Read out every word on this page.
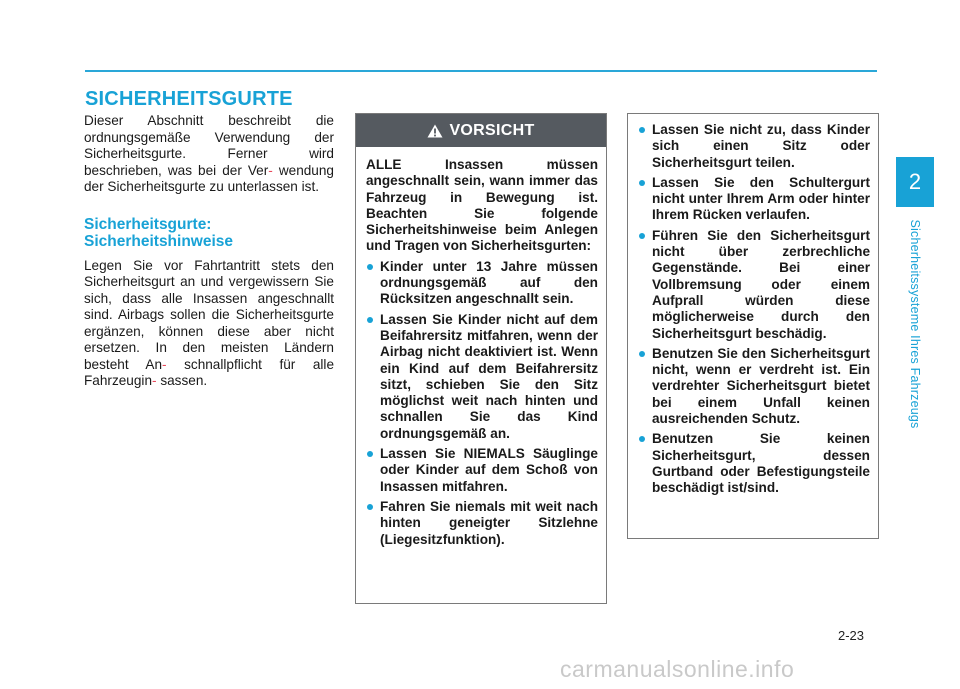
SICHERHEITSGURTE

Dieser Abschnitt beschreibt die ordnungsgemäße Verwendung der Sicherheitsgurte. Ferner wird beschrieben, was bei der Ver- wendung der Sicherheitsgurte zu unterlassen ist.

Sicherheitsgurte:
Sicherheitshinweise

Legen Sie vor Fahrtantritt stets den Sicherheitsgurt an und vergewissern Sie sich, dass alle Insassen angeschnallt sind. Airbags sollen die Sicherheitsgurte ergänzen, können diese aber nicht ersetzen. In den meisten Ländern besteht An- schnallpflicht für alle Fahrzeugin- sassen.

VORSICHT

ALLE Insassen müssen angeschnallt sein, wann immer das Fahrzeug in Bewegung ist. Beachten Sie folgende Sicherheitshinweise beim Anlegen und Tragen von Sicherheitsgurten:

Kinder unter 13 Jahre müssen ordnungsgemäß auf den Rücksitzen angeschnallt sein.
Lassen Sie Kinder nicht auf dem Beifahrersitz mitfahren, wenn der Airbag nicht deaktiviert ist. Wenn ein Kind auf dem Beifahrersitz sitzt, schieben Sie den Sitz möglichst weit nach hinten und schnallen Sie das Kind ordnungsgemäß an.
Lassen Sie NIEMALS Säuglinge oder Kinder auf dem Schoß von Insassen mitfahren.
Fahren Sie niemals mit weit nach hinten geneigter Sitzlehne (Liegesitzfunktion).
Lassen Sie nicht zu, dass Kinder sich einen Sitz oder Sicherheitsgurt teilen.
Lassen Sie den Schultergurt nicht unter Ihrem Arm oder hinter Ihrem Rücken verlaufen.
Führen Sie den Sicherheitsgurt nicht über zerbrechliche Gegenstände. Bei einer Vollbremsung oder einem Aufprall würden diese möglicherweise durch den Sicherheitsgurt beschädig.
Benutzen Sie den Sicherheitsgurt nicht, wenn er verdreht ist. Ein verdrehter Sicherheitsgurt bietet bei einem Unfall keinen ausreichenden Schutz.
Benutzen Sie keinen Sicherheitsgurt, dessen Gurtband oder Befestigungsteile beschädigt ist/sind.
2
Sicherheitssysteme Ihres Fahrzeugs
2-23
carmanualsonline.info
